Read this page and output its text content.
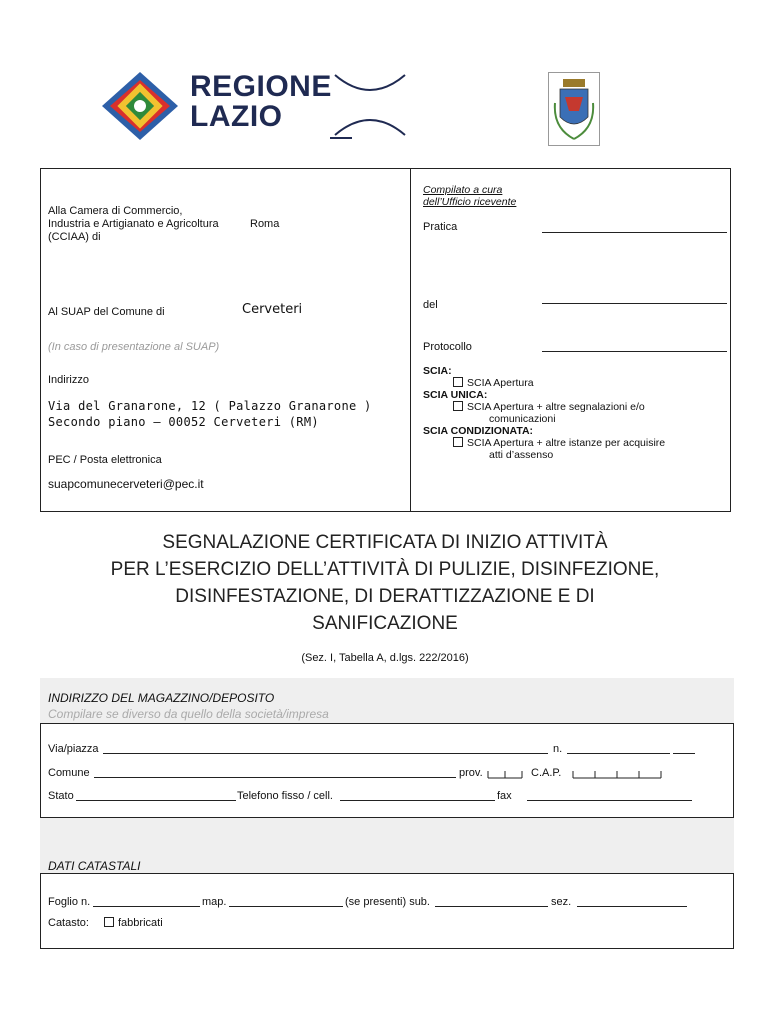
REGIONE
LAZIO
Alla Camera di Commercio,
Industria e Artigianato e Agricoltura
(CCIAA) di
Roma
Al SUAP del Comune di	Cerveteri
(In caso di presentazione al SUAP)
Indirizzo
Via del Granarone, 12 ( Palazzo Granarone )
Secondo piano – 00052 Cerveteri (RM)
PEC / Posta elettronica
suapcomunecerveteri@pec.it
Compilato a cura
dell’Ufficio ricevente
Pratica
del
Protocollo
SCIA:
SCIA Apertura
SCIA UNICA:
SCIA Apertura + altre segnalazioni e/o
comunicazioni
SCIA CONDIZIONATA:
SCIA Apertura + altre istanze per acquisire
atti d’assenso
SEGNALAZIONE CERTIFICATA DI INIZIO ATTIVITÀ
PER L’ESERCIZIO DELL’ATTIVITÀ DI PULIZIE, DISINFEZIONE,
DISINFESTAZIONE, DI DERATTIZZAZIONE E DI
SANIFICAZIONE
(Sez. I, Tabella A, d.lgs. 222/2016)
INDIRIZZO DEL MAGAZZINO/DEPOSITO
Compilare se diverso da quello della società/impresa
Via/piazza	n.
Comune	prov.	C.A.P.
Stato	Telefono fisso / cell.	fax
DATI CATASTALI
Foglio n.	map.	(se presenti) sub.	sez.
Catasto:	fabbricati
